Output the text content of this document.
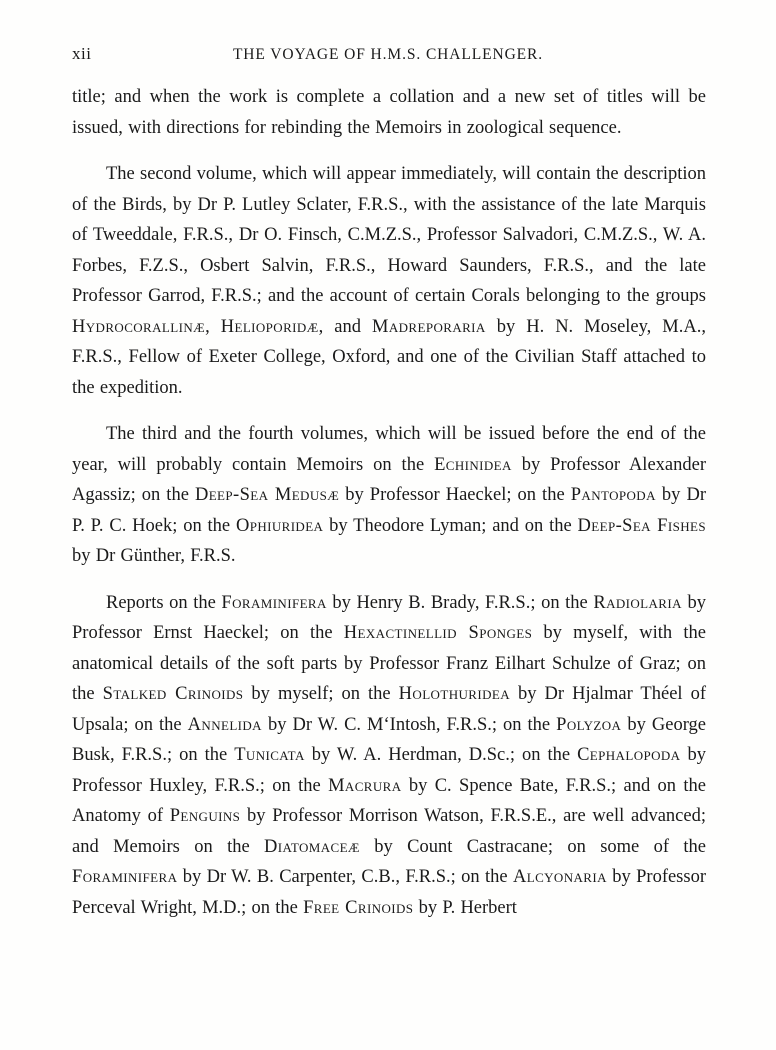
xii	THE VOYAGE OF H.M.S. CHALLENGER.

title; and when the work is complete a collation and a new set of titles will be issued, with directions for rebinding the Memoirs in zoological sequence.

The second volume, which will appear immediately, will contain the description of the Birds, by Dr P. Lutley Sclater, F.R.S., with the assistance of the late Marquis of Tweeddale, F.R.S., Dr O. Finsch, C.M.Z.S., Professor Salvadori, C.M.Z.S., W. A. Forbes, F.Z.S., Osbert Salvin, F.R.S., Howard Saunders, F.R.S., and the late Professor Garrod, F.R.S.; and the account of certain Corals belonging to the groups Hydrocorallinæ, Helioporidæ, and Madreporaria by H. N. Moseley, M.A., F.R.S., Fellow of Exeter College, Oxford, and one of the Civilian Staff attached to the expedition.

The third and the fourth volumes, which will be issued before the end of the year, will probably contain Memoirs on the Echinidea by Professor Alexander Agassiz; on the Deep-Sea Medusæ by Professor Haeckel; on the Pantopoda by Dr P. P. C. Hoek; on the Ophiuridea by Theodore Lyman; and on the Deep-Sea Fishes by Dr Günther, F.R.S.

Reports on the Foraminifera by Henry B. Brady, F.R.S.; on the Radiolaria by Professor Ernst Haeckel; on the Hexactinellid Sponges by myself, with the anatomical details of the soft parts by Professor Franz Eilhart Schulze of Graz; on the Stalked Crinoids by myself; on the Holothuridea by Dr Hjalmar Théel of Upsala; on the Annelida by Dr W. C. M‘Intosh, F.R.S.; on the Polyzoa by George Busk, F.R.S.; on the Tunicata by W. A. Herdman, D.Sc.; on the Cephalopoda by Professor Huxley, F.R.S.; on the Macrura by C. Spence Bate, F.R.S.; and on the Anatomy of Penguins by Professor Morrison Watson, F.R.S.E., are well advanced; and Memoirs on the Diatomaceæ by Count Castracane; on some of the Foraminifera by Dr W. B. Carpenter, C.B., F.R.S.; on the Alcyonaria by Professor Perceval Wright, M.D.; on the Free Crinoids by P. Herbert
